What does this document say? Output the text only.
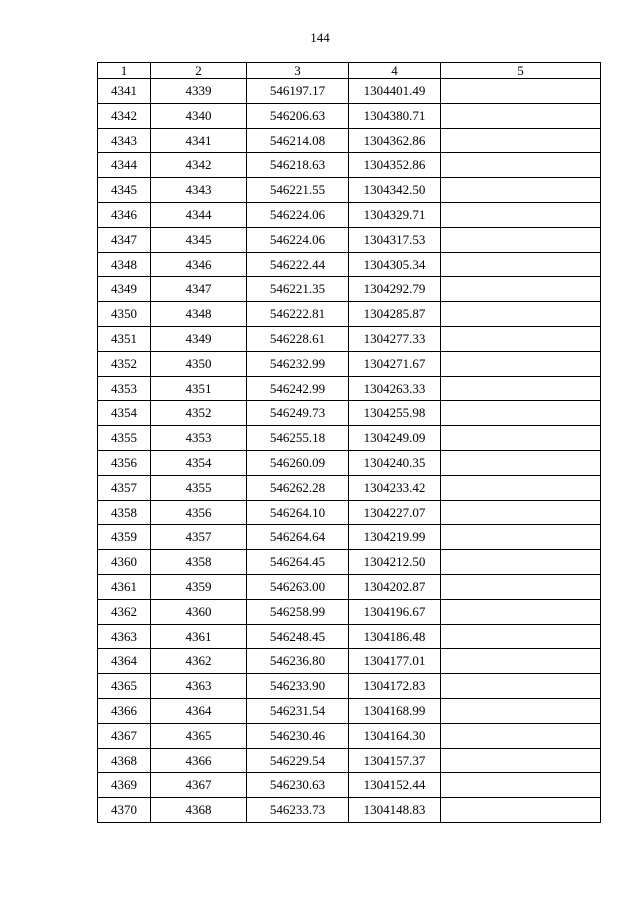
144
1	2	3	4	5
4341	4339	546197.17	1304401.49	
4342	4340	546206.63	1304380.71	
4343	4341	546214.08	1304362.86	
4344	4342	546218.63	1304352.86	
4345	4343	546221.55	1304342.50	
4346	4344	546224.06	1304329.71	
4347	4345	546224.06	1304317.53	
4348	4346	546222.44	1304305.34	
4349	4347	546221.35	1304292.79	
4350	4348	546222.81	1304285.87	
4351	4349	546228.61	1304277.33	
4352	4350	546232.99	1304271.67	
4353	4351	546242.99	1304263.33	
4354	4352	546249.73	1304255.98	
4355	4353	546255.18	1304249.09	
4356	4354	546260.09	1304240.35	
4357	4355	546262.28	1304233.42	
4358	4356	546264.10	1304227.07	
4359	4357	546264.64	1304219.99	
4360	4358	546264.45	1304212.50	
4361	4359	546263.00	1304202.87	
4362	4360	546258.99	1304196.67	
4363	4361	546248.45	1304186.48	
4364	4362	546236.80	1304177.01	
4365	4363	546233.90	1304172.83	
4366	4364	546231.54	1304168.99	
4367	4365	546230.46	1304164.30	
4368	4366	546229.54	1304157.37	
4369	4367	546230.63	1304152.44	
4370	4368	546233.73	1304148.83	
